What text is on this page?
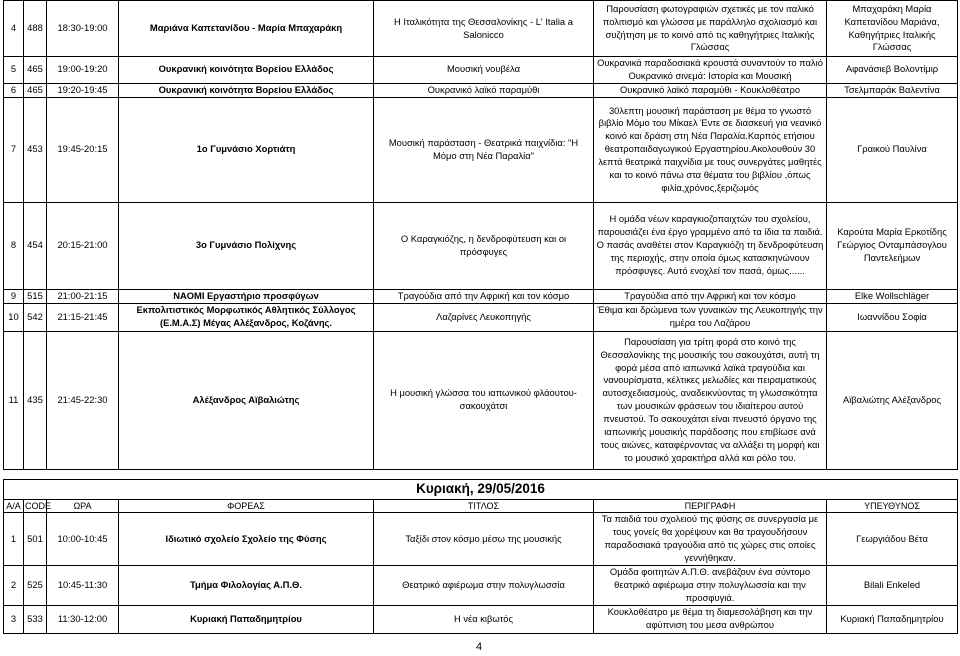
4	488	18:30-19:00	Μαριάνα Καπετανίδου - Μαρία Μπαχαράκη	Η Ιταλικότητα της Θεσσαλονίκης - L' Italia a Salonicco	Παρουσίαση φωτογραφιών σχετικές με τον ιταλικό πολιτισμό και γλώσσα με παράλληλο σχολιασμό και συζήτηση με το κοινό από τις καθηγήτριες Ιταλικής Γλώσσας	Μπαχαράκη Μαρία Καπετανίδου Μαριάνα, Καθηγήτριες Ιταλικής Γλώσσας
5	465	19:00-19:20	Ουκρανική κοινότητα Βορείου Ελλάδος	Μουσική νουβέλα	Ουκρανικά παραδοσιακά κρουστά συναντούν το παλιό Ουκρανικό σινεμά: Ιστορία και Μουσική	Αφανάσιεβ Βολοντίμιρ
6	465	19:20-19:45	Ουκρανική κοινότητα Βορείου Ελλάδος	Ουκρανικό λαϊκό παραμύθι	Ουκρανικό λαϊκό παραμύθι - Κουκλοθέατρο	Τσελμπαράκ Βαλεντίνα
7	453	19:45-20:15	1ο Γυμνάσιο Χορτιάτη	Μουσική παράσταση - Θεατρικά παιχνίδια: "Η Μόμο στη Νέα Παραλία"	30λεπτη μουσική παράσταση με θέμα το γνωστό βιβλίο Μόμο του Μίκαελ Έντε σε διασκευή για νεανικό κοινό και δράση στη Νέα Παραλία.Καρπός ετήσιου θεατροπαιδαγωγικού Εργαστηρίου.Ακολουθούν 30 λεπτά θεατρικά παιχνίδια με τους συνεργάτες μαθητές και το κοινό πάνω στα θέματα του βιβλίου ,όπως φιλία,χρόνος,ξεριζωμός	Γραικού Παυλίνα
8	454	20:15-21:00	3ο Γυμνάσιο Πολίχνης	Ο Καραγκιόζης, η δενδροφύτευση και οι πρόσφυγες	Η ομάδα νέων καραγκιοζοπαιχτών του σχολείου, παρουσιάζει ένα έργο γραμμένο από τα ίδια τα παιδιά. Ο πασάς αναθέτει στον Καραγκιόζη τη δενδροφύτευση της περιοχής, στην οποία όμως κατασκηνώνουν πρόσφυγες. Αυτό ενοχλεί τον πασά, όμως......	Καρούτα Μαρία Ερκοτίδης Γεώργιος Ονταμπάσογλου Παντελεήμων
9	515	21:00-21:15	NAOMI Εργαστήριο προσφύγων	Τραγούδια από την Αφρική και τον κόσμο	Τραγούδια από την Αφρική και τον κόσμο	Elke Wollschläger
10	542	21:15-21:45	Εκπολιτιστικός Μορφωτικός Αθλητικός Σύλλογος (Ε.Μ.Α.Σ) Μέγας Αλέξανδρος, Κοζάνης.	Λαζαρίνες Λευκοπηγής	Έθιμα και δρώμενα των γυναικών της Λευκοπηγής την ημέρα του Λαζάρου	Ιωαννίδου Σοφία
11	435	21:45-22:30	Αλέξανδρος Αϊβαλιώτης	Η μουσική γλώσσα του ιαπωνικού φλάουτου-σακουχάτσι	Παρουσίαση για τρίτη φορά στο κοινό της Θεσσαλονίκης της μουσικής του σακουχάτσι, αυτή τη φορά μέσα από ιαπωνικά λαϊκά τραγούδια και νανουρίσματα, κέλτικες μελωδίες και πειραματικούς αυτοσχεδιασμούς, αναδεικνύοντας τη γλωσσικότητα των μουσικών φράσεων του ιδιαίτερου αυτού πνευστού. Το σακουχάτσι είναι πνευστό όργανο της ιαπωνικής μουσικής παράδοσης που επιβίωσε ανά τους αιώνες, καταφέρνοντας να αλλάξει τη μορφή και το μουσικό χαρακτήρα αλλά και ρόλο του.	Αϊβαλιώτης Αλέξανδρος
Κυριακή, 29/05/2016						
Α/Α	CODE	ΩΡΑ	ΦΟΡΕΑΣ	ΤΙΤΛΟΣ	ΠΕΡΙΓΡΑΦΗ	ΥΠΕΥΘΥΝΟΣ
1	501	10:00-10:45	Ιδιωτικό σχολείο Σχολείο της Φύσης	Ταξίδι στον κόσμο μέσω της μουσικής	Τα παιδιά του σχολειού της φύσης σε συνεργασία με τους γονείς θα χορέψουν και θα τραγουδήσουν παραδοσιακά τραγούδια από τις χώρες στις οποίες γεννήθηκαν.	Γεωργιάδου Βέτα
2	525	10:45-11:30	Τμήμα Φιλολογίας Α.Π.Θ.	Θεατρικό αφιέρωμα στην πολυγλωσσία	Ομάδα φοιτητών Α.Π.Θ. ανεβάζουν ένα σύντομο θεατρικό αφιέρωμα στην πολυγλωσσία και την προσφυγιά.	Bilali Enkeled
3	533	11:30-12:00	Κυριακή Παπαδημητρίου	Η νέα κιβωτός	Κουκλοθέατρο με θέμα τη διαμεσολάβηση και την αφύπνιση του μεσα ανθρώπου	Κυριακή Παπαδημητρίου
4
